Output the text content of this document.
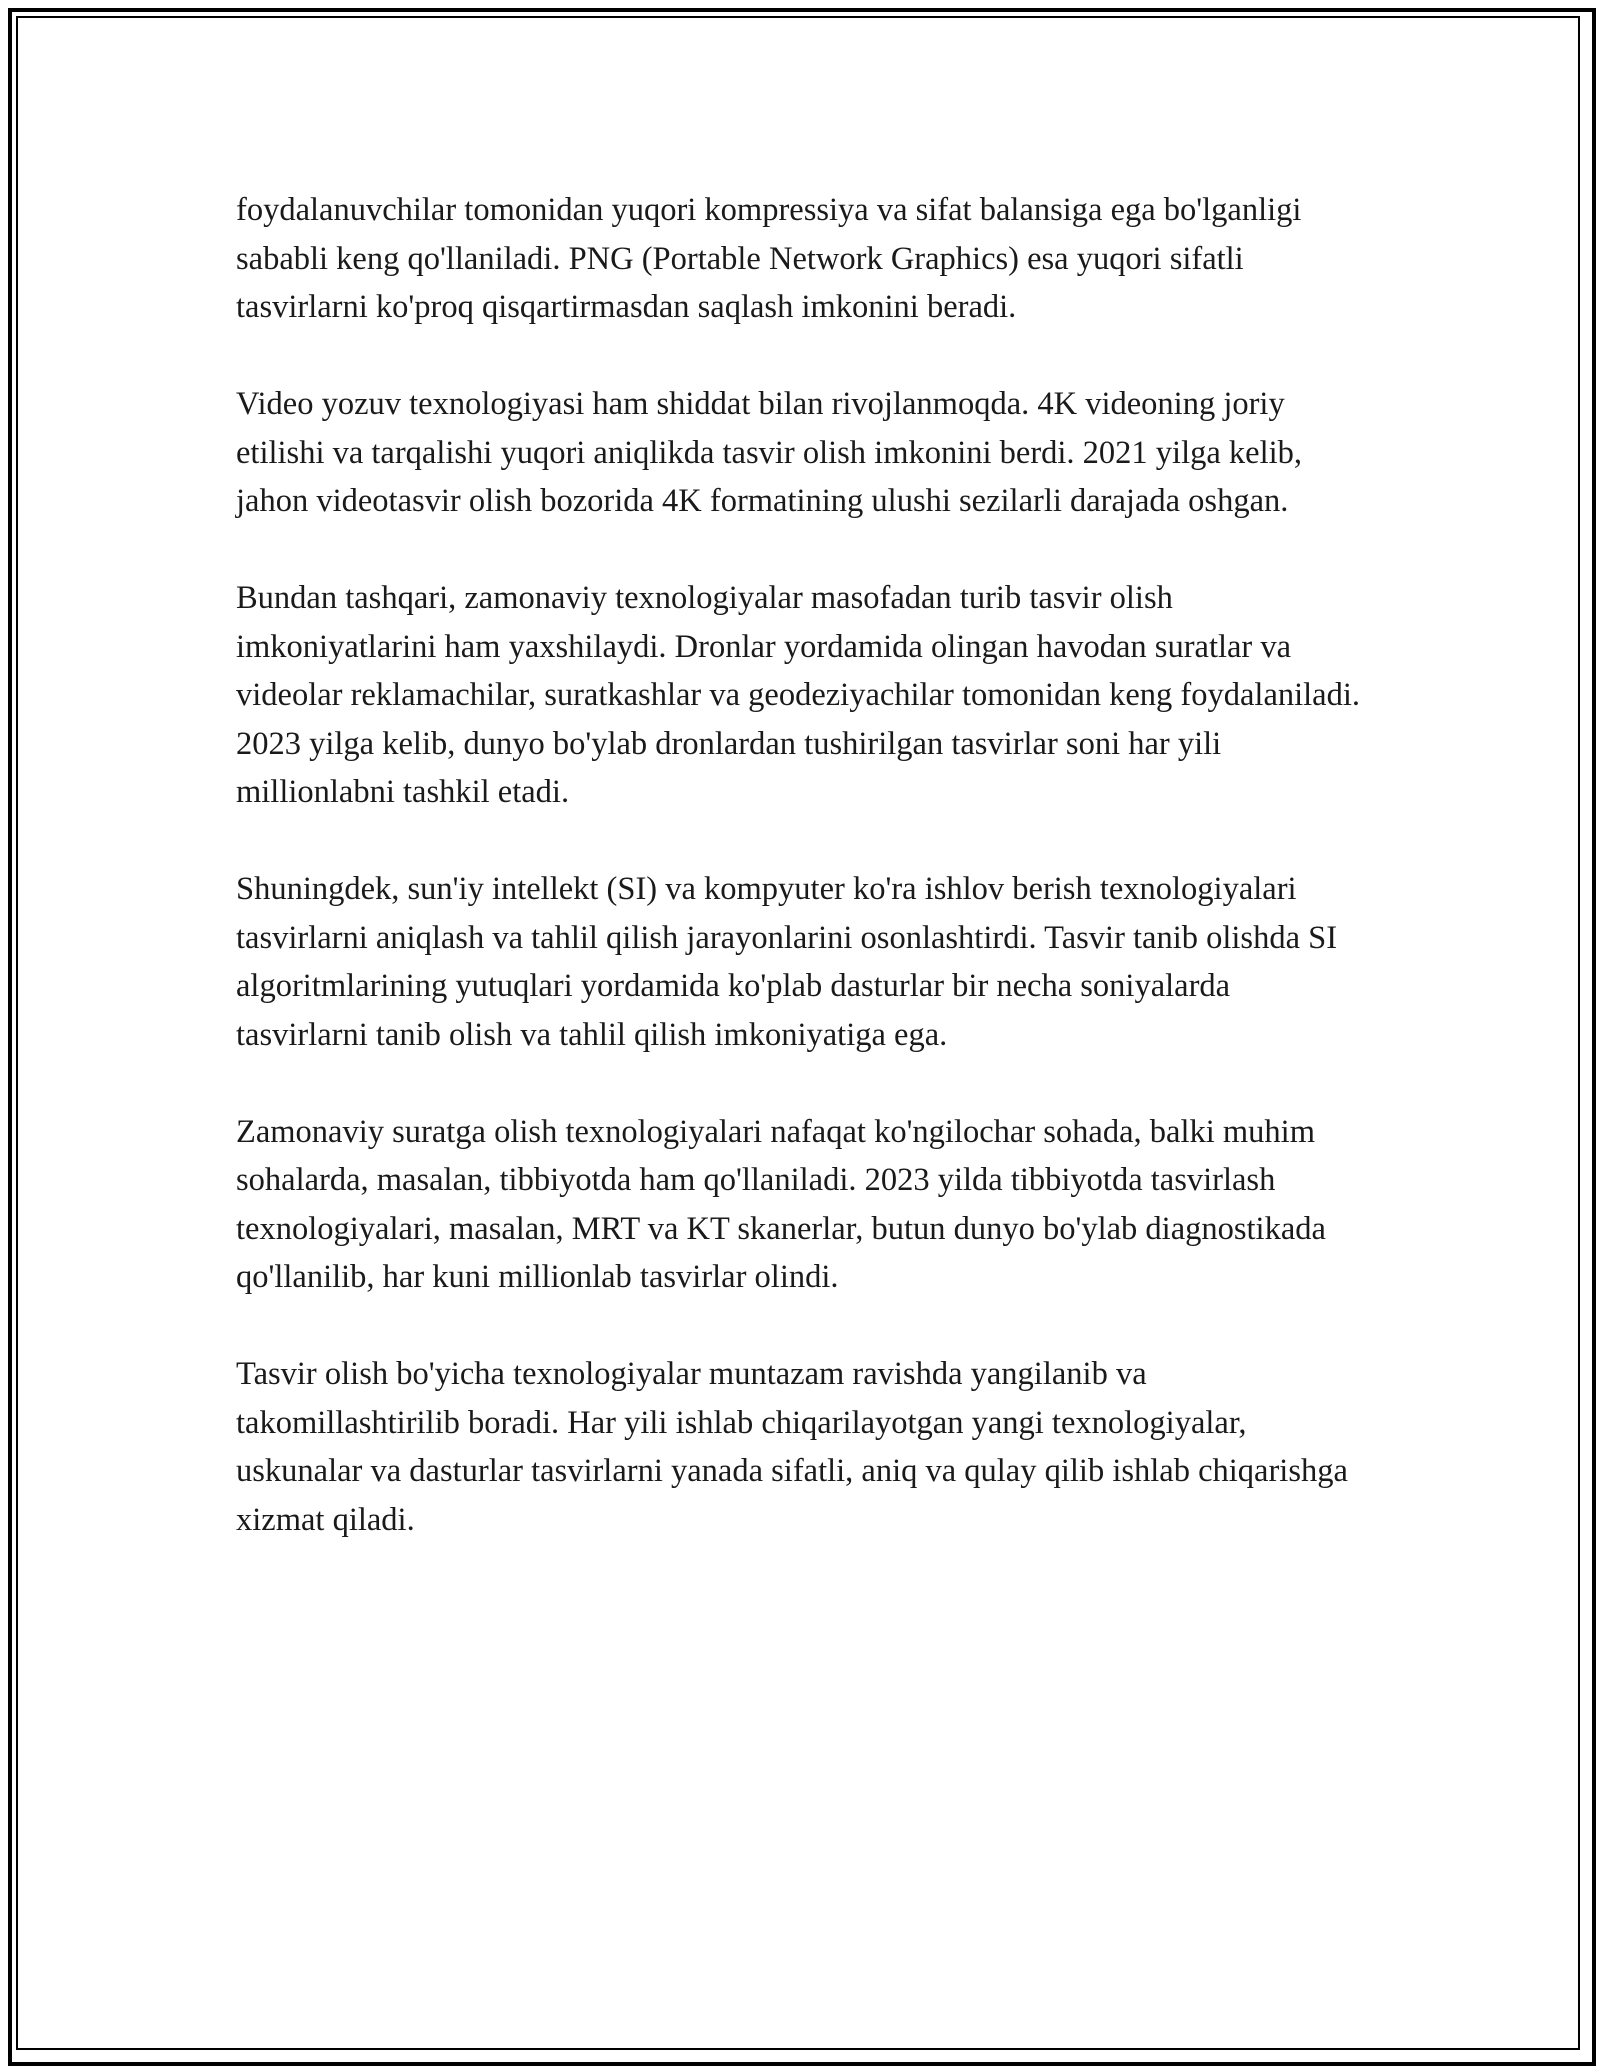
foydalanuvchilar tomonidan yuqori kompressiya va sifat balansiga ega bo'lganligi sababli keng qo'llaniladi. PNG (Portable Network Graphics) esa yuqori sifatli tasvirlarni ko'proq qisqartirmasdan saqlash imkonini beradi.

Video yozuv texnologiyasi ham shiddat bilan rivojlanmoqda. 4K videoning joriy etilishi va tarqalishi yuqori aniqlikda tasvir olish imkonini berdi. 2021 yilga kelib, jahon videotasvir olish bozorida 4K formatining ulushi sezilarli darajada oshgan.

Bundan tashqari, zamonaviy texnologiyalar masofadan turib tasvir olish imkoniyatlarini ham yaxshilaydi. Dronlar yordamida olingan havodan suratlar va videolar reklamachilar, suratkashlar va geodeziyachilar tomonidan keng foydalaniladi. 2023 yilga kelib, dunyo bo'ylab dronlardan tushirilgan tasvirlar soni har yili millionlabni tashkil etadi.

Shuningdek, sun'iy intellekt (SI) va kompyuter ko'ra ishlov berish texnologiyalari tasvirlarni aniqlash va tahlil qilish jarayonlarini osonlashtirdi. Tasvir tanib olishda SI algoritmlarining yutuqlari yordamida ko'plab dasturlar bir necha soniyalarda tasvirlarni tanib olish va tahlil qilish imkoniyatiga ega.

Zamonaviy suratga olish texnologiyalari nafaqat ko'ngilochar sohada, balki muhim sohalarda, masalan, tibbiyotda ham qo'llaniladi. 2023 yilda tibbiyotda tasvirlash texnologiyalari, masalan, MRT va KT skanerlar, butun dunyo bo'ylab diagnostikada qo'llanilib, har kuni millionlab tasvirlar olindi.

Tasvir olish bo'yicha texnologiyalar muntazam ravishda yangilanib va takomillashtirilib boradi. Har yili ishlab chiqarilayotgan yangi texnologiyalar, uskunalar va dasturlar tasvirlarni yanada sifatli, aniq va qulay qilib ishlab chiqarishga xizmat qiladi.
